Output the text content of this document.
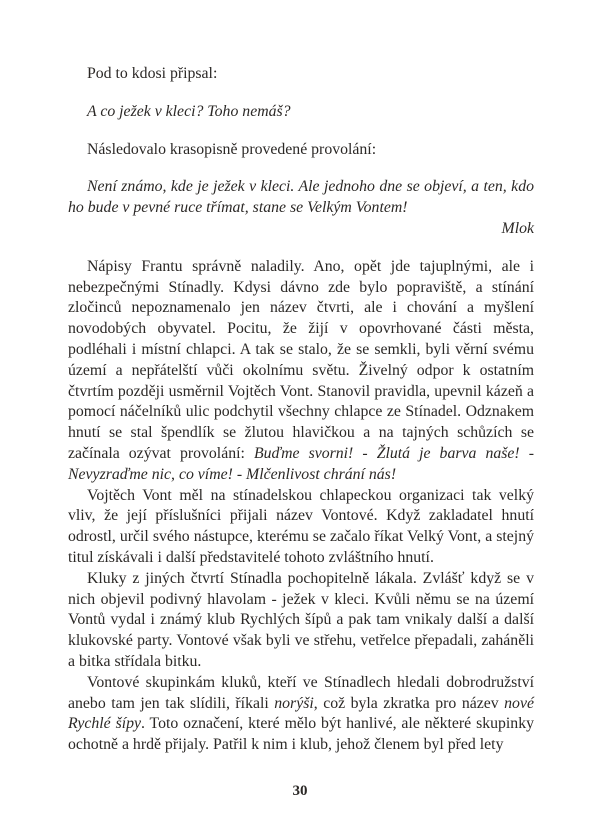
Pod to kdosi připsal:

A co ježek v kleci? Toho nemáš?

Následovalo krasopisně provedené provolání:

Není známo, kde je ježek v kleci. Ale jednoho dne se objeví, a ten, kdo ho bude v pevné ruce třímat, stane se Velkým Vontem!

Mlok

Nápisy Frantu správně naladily. Ano, opět jde tajuplnými, ale i nebezpečnými Stínadly. Kdysi dávno zde bylo popraviště, a stínání zločinců nepoznamenalo jen název čtvrti, ale i chování a myšlení novodobých obyvatel. Pocitu, že žijí v opovrhované části města, podléhali i místní chlapci. A tak se stalo, že se semkli, byli věrní svému území a nepřátelští vůči okolnímu světu. Živelný odpor k ostatním čtvrtím později usměrnil Vojtěch Vont. Stanovil pravidla, upevnil kázeň a pomocí náčelníků ulic podchytil všechny chlapce ze Stínadel. Odznakem hnutí se stal špendlík se žlutou hlavičkou a na tajných schůzích se začínala ozývat provolání: Buďme svorni! - Žlutá je barva naše! - Nevyzraďme nic, co víme! - Mlčenlivost chrání nás!

Vojtěch Vont měl na stínadelskou chlapeckou organizaci tak velký vliv, že její příslušníci přijali název Vontové. Když zakladatel hnutí odrostl, určil svého nástupce, kterému se začalo říkat Velký Vont, a stejný titul získávali i další představitelé tohoto zvláštního hnutí.

Kluky z jiných čtvrtí Stínadla pochopitelně lákala. Zvlášť když se v nich objevil podivný hlavolam - ježek v kleci. Kvůli němu se na území Vontů vydal i známý klub Rychlých šípů a pak tam vnikaly další a další klukovské party. Vontové však byli ve střehu, vetřelce přepadali, zaháněli a bitka střídala bitku.

Vontové skupinkám kluků, kteří ve Stínadlech hledali dobrodružství anebo tam jen tak slídili, říkali norýši, což byla zkratka pro název nové Rychlé šípy. Toto označení, které mělo být hanlivé, ale některé skupinky ochotně a hrdě přijaly. Patřil k nim i klub, jehož členem byl před lety

30
